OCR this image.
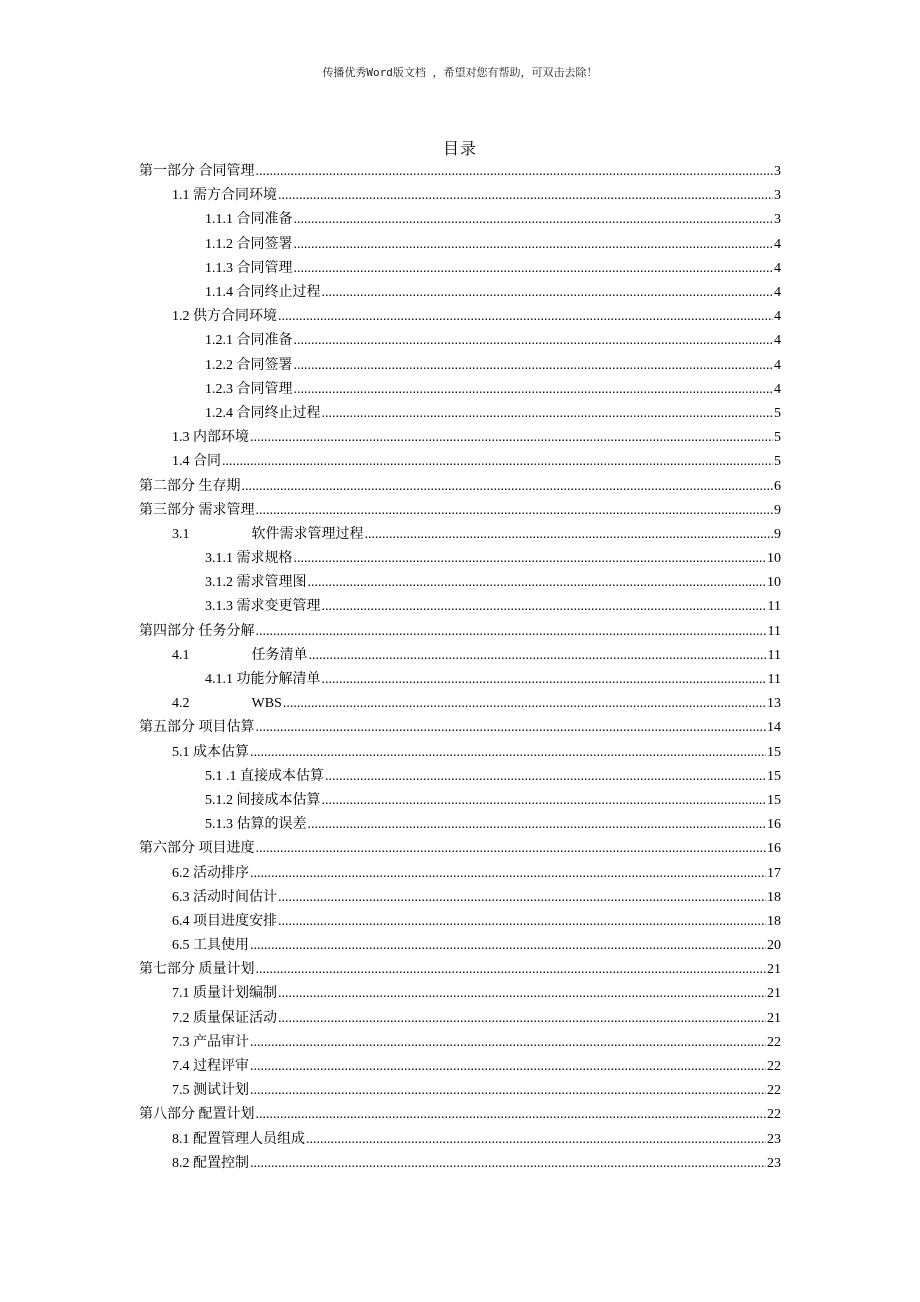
传播优秀Word版文档 ，希望对您有帮助，可双击去除！
目录
第一部分 合同管理 .....	3
1.1 需方合同环境 .....	3
1.1.1 合同准备 .....	3
1.1.2 合同签署 .....	4
1.1.3 合同管理 .....	4
1.1.4 合同终止过程 .....	4
1.2 供方合同环境 .....	4
1.2.1 合同准备 .....	4
1.2.2 合同签署 .....	4
1.2.3 合同管理 .....	4
1.2.4 合同终止过程 .....	5
1.3 内部环境 .....	5
1.4 合同 .....	5
第二部分 生存期 .....	6
第三部分 需求管理 .....	9
3.1	软件需求管理过程 .....	9
3.1.1 需求规格 .....	10
3.1.2 需求管理图 .....	10
3.1.3 需求变更管理 .....	11
第四部分 任务分解 .....	11
4.1	任务清单 .....	11
4.1.1 功能分解清单 .....	11
4.2	WBS .....	13
第五部分 项目估算 .....	14
5.1 成本估算 .....	15
5.1 .1 直接成本估算 .....	15
5.1.2 间接成本估算 .....	15
5.1.3 估算的误差 .....	16
第六部分 项目进度 .....	16
6.2 活动排序 .....	17
6.3 活动时间估计 .....	18
6.4 项目进度安排 .....	18
6.5 工具使用 .....	20
第七部分 质量计划 .....	21
7.1 质量计划编制 .....	21
7.2 质量保证活动 .....	21
7.3 产品审计 .....	22
7.4 过程评审 .....	22
7.5 测试计划 .....	22
第八部分 配置计划 .....	22
8.1 配置管理人员组成 .....	23
8.2 配置控制 .....	23
